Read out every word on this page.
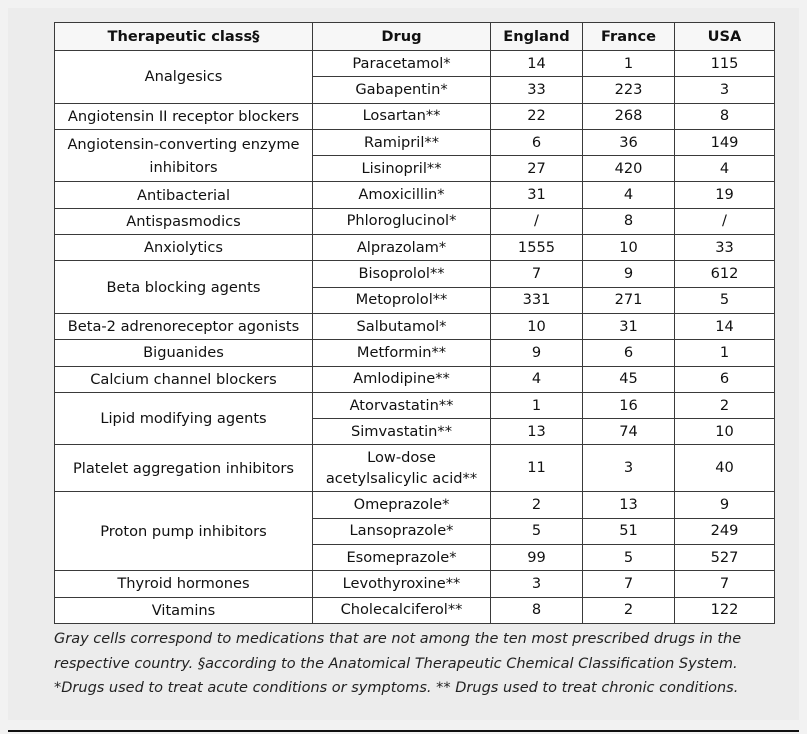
Therapeutic class§	Drug	England	France	USA
Analgesics	Paracetamol*	14	1	115
	Gabapentin*	33	223	3
Angiotensin II receptor blockers	Losartan**	22	268	8
Angiotensin-converting enzyme inhibitors	Ramipril**	6	36	149
	Lisinopril**	27	420	4
Antibacterial	Amoxicillin*	31	4	19
Antispasmodics	Phloroglucinol*	/	8	/
Anxiolytics	Alprazolam*	1555	10	33
Beta blocking agents	Bisoprolol**	7	9	612
	Metoprolol**	331	271	5
Beta-2 adrenoreceptor agonists	Salbutamol*	10	31	14
Biguanides	Metformin**	9	6	1
Calcium channel blockers	Amlodipine**	4	45	6
Lipid modifying agents	Atorvastatin**	1	16	2
	Simvastatin**	13	74	10
Platelet aggregation inhibitors	Low-dose acetylsalicylic acid**	11	3	40
Proton pump inhibitors	Omeprazole*	2	13	9
	Lansoprazole*	5	51	249
	Esomeprazole*	99	5	527
Thyroid hormones	Levothyroxine**	3	7	7
Vitamins	Cholecalciferol**	8	2	122

Gray cells correspond to medications that are not among the ten most prescribed drugs in the

respective country. §according to the Anatomical Therapeutic Chemical Classification System.

*Drugs used to treat acute conditions or symptoms. ** Drugs used to treat chronic conditions.
